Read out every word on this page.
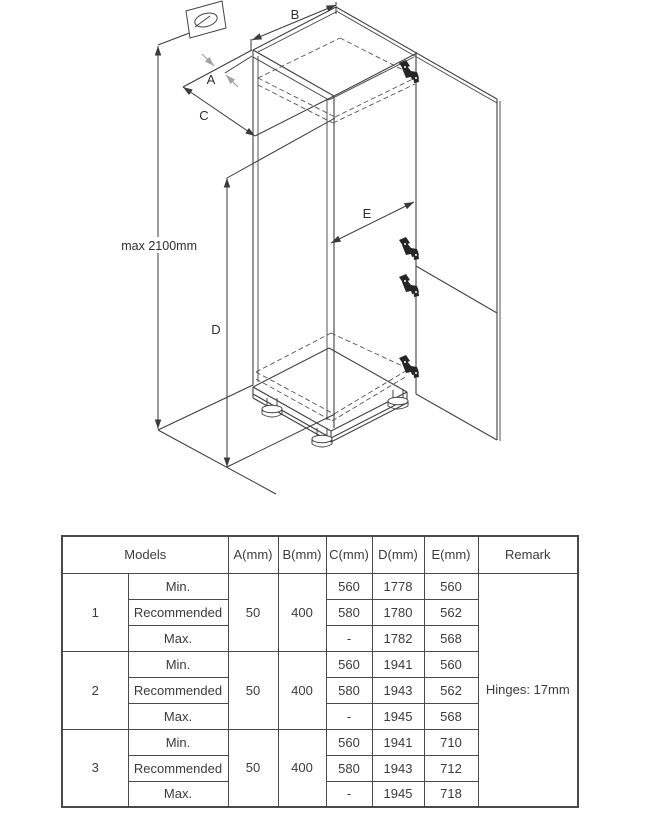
B
A
C
E
D
max 2100mm
Models		A(mm)	B(mm)	C(mm)	D(mm)	E(mm)	Remark
1	Min.	50	400	560	1778	560	Hinges: 17mm
	Recommended			580	1780	562	
	Max.			-	1782	568	
2	Min.	50	400	560	1941	560	
	Recommended			580	1943	562	
	Max.			-	1945	568	
3	Min.	50	400	560	1941	710	
	Recommended			580	1943	712	
	Max.			-	1945	718	
